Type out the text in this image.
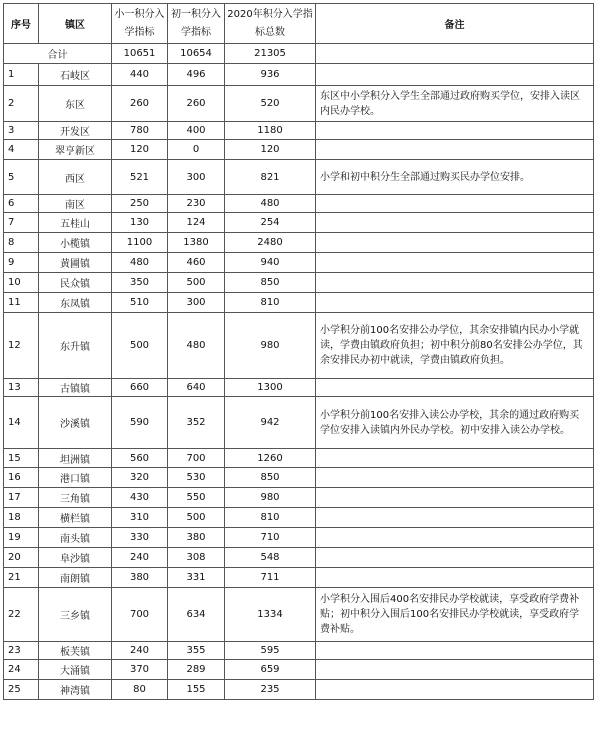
序号	镇区	小一积分入学指标	初一积分入学指标	2020年积分入学指标总数	备注
合计		10651	10654	21305	
1	石岐区	440	496	936	
2	东区	260	260	520	东区中小学积分入学生全部通过政府购买学位，安排入读区内民办学校。
3	开发区	780	400	1180	
4	翠亨新区	120	0	120	
5	西区	521	300	821	小学和初中积分生全部通过购买民办学位安排。
6	南区	250	230	480	
7	五桂山	130	124	254	
8	小榄镇	1100	1380	2480	
9	黄圃镇	480	460	940	
10	民众镇	350	500	850	
11	东凤镇	510	300	810	
12	东升镇	500	480	980	小学积分前100名安排公办学位，其余安排镇内民办小学就读，学费由镇政府负担；初中积分前80名安排公办学位，其余安排民办初中就读，学费由镇政府负担。
13	古镇镇	660	640	1300	
14	沙溪镇	590	352	942	小学积分前100名安排入读公办学校，其余的通过政府购买学位安排入读镇内外民办学校。初中安排入读公办学校。
15	坦洲镇	560	700	1260	
16	港口镇	320	530	850	
17	三角镇	430	550	980	
18	横栏镇	310	500	810	
19	南头镇	330	380	710	
20	阜沙镇	240	308	548	
21	南朗镇	380	331	711	
22	三乡镇	700	634	1334	小学积分入围后400名安排民办学校就读，享受政府学费补贴；初中积分入围后100名安排民办学校就读，享受政府学费补贴。
23	板芙镇	240	355	595	
24	大涌镇	370	289	659	
25	神湾镇	80	155	235	
